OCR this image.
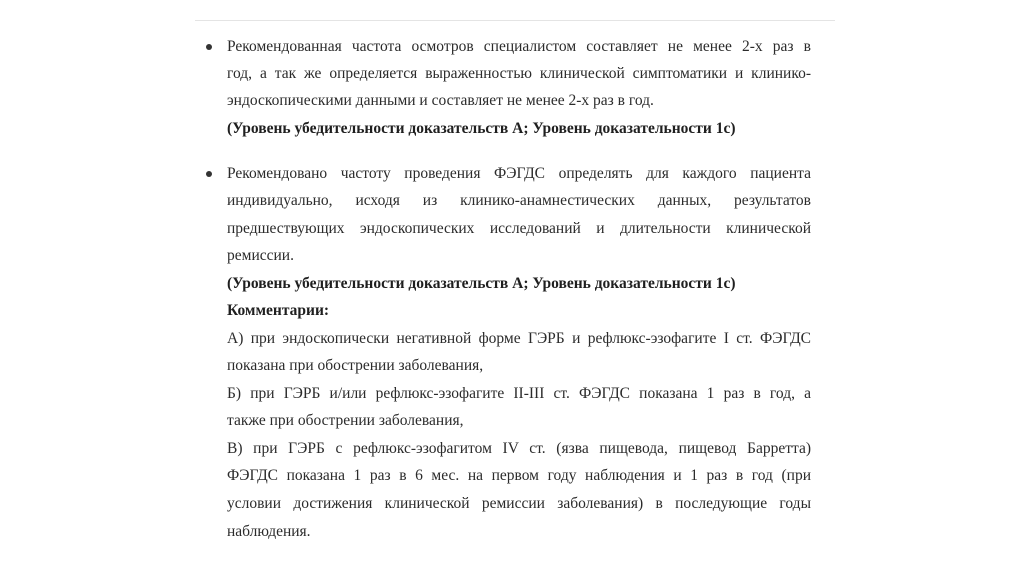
Рекомендованная частота осмотров специалистом составляет не менее 2-х раз в
год, а так же определяется выраженностью клинической симптоматики и клинико-
эндоскопическими данными и составляет не менее 2-х раз в год.
(Уровень убедительности доказательств А; Уровень доказательности 1с)
Рекомендовано частоту проведения ФЭГДС определять для каждого пациента
индивидуально, исходя из клинико-анамнестических данных, результатов
предшествующих эндоскопических исследований и длительности клинической
ремиссии.
(Уровень убедительности доказательств А; Уровень доказательности 1с)
Комментарии:
А) при эндоскопически негативной форме ГЭРБ и рефлюкс-эзофагите I ст. ФЭГДС
показана при обострении заболевания,
Б) при ГЭРБ и/или рефлюкс-эзофагите II-III ст. ФЭГДС показана 1 раз в год, а
также при обострении заболевания,
В) при ГЭРБ с рефлюкс-эзофагитом IV ст. (язва пищевода, пищевод Барретта)
ФЭГДС показана 1 раз в 6 мес. на первом году наблюдения и 1 раз в год (при
условии достижения клинической ремиссии заболевания) в последующие годы
наблюдения.
